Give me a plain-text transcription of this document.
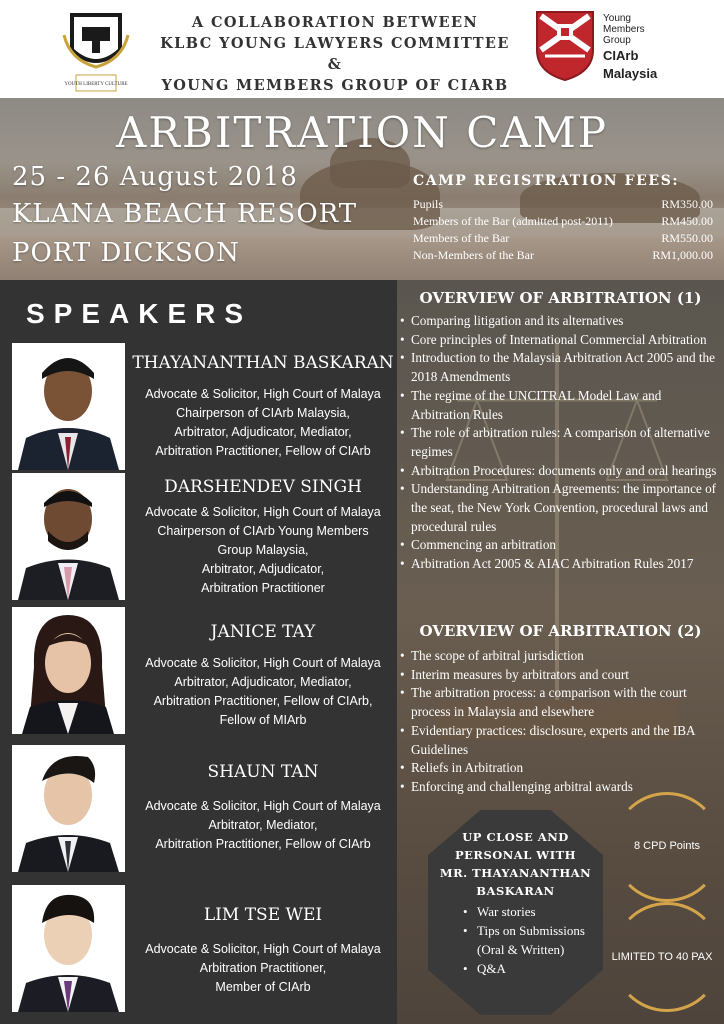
YOUTH LIBERTY CULTURE
A COLLABORATION BETWEEN
KLBC YOUNG LAWYERS COMMITTEE &
YOUNG MEMBERS GROUP OF CIARB
Young
Members
Group
CIArb
Malaysia
ARBITRATION CAMP
25 - 26 August 2018
KLANA BEACH RESORT
PORT DICKSON
CAMP REGISTRATION FEES:
Pupils	RM350.00
Members of the Bar (admitted post-2011)	RM450.00
Members of the Bar	RM550.00
Non-Members of the Bar	RM1,000.00
SPEAKERS
THAYANANTHAN BASKARAN
Advocate & Solicitor, High Court of Malaya
Chairperson of CIArb Malaysia,
Arbitrator, Adjudicator, Mediator,
Arbitration Practitioner, Fellow of CIArb
DARSHENDEV SINGH
Advocate & Solicitor, High Court of Malaya
Chairperson of CIArb Young Members
Group Malaysia,
Arbitrator, Adjudicator,
Arbitration Practitioner
JANICE TAY
Advocate & Solicitor, High Court of Malaya
Arbitrator, Adjudicator, Mediator,
Arbitration Practitioner, Fellow of CIArb,
Fellow of MIArb
SHAUN TAN
Advocate & Solicitor, High Court of Malaya
Arbitrator, Mediator,
Arbitration Practitioner, Fellow of CIArb
LIM TSE WEI
Advocate & Solicitor, High Court of Malaya
Arbitration Practitioner,
Member of CIArb
OVERVIEW OF ARBITRATION (1)
• Comparing litigation and its alternatives
• Core principles of International Commercial Arbitration
• Introduction to the Malaysia Arbitration Act 2005 and the 2018 Amendments
• The regime of the UNCITRAL Model Law and Arbitration Rules
• The role of arbitration rules: A comparison of alternative regimes
• Arbitration Procedures: documents only and oral hearings
• Understanding Arbitration Agreements: the importance of the seat, the New York Convention, procedural laws and procedural rules
• Commencing an arbitration
• Arbitration Act 2005 & AIAC Arbitration Rules 2017
OVERVIEW OF ARBITRATION (2)
• The scope of arbitral jurisdiction
• Interim measures by arbitrators and court
• The arbitration process: a comparison with the court process in Malaysia and elsewhere
• Evidentiary practices: disclosure, experts and the IBA Guidelines
• Reliefs in Arbitration
• Enforcing and challenging arbitral awards
UP CLOSE AND
PERSONAL WITH
MR. THAYANANTHAN
BASKARAN
• War stories
• Tips on Submissions (Oral & Written)
• Q&A
8 CPD Points
LIMITED TO 40 PAX
